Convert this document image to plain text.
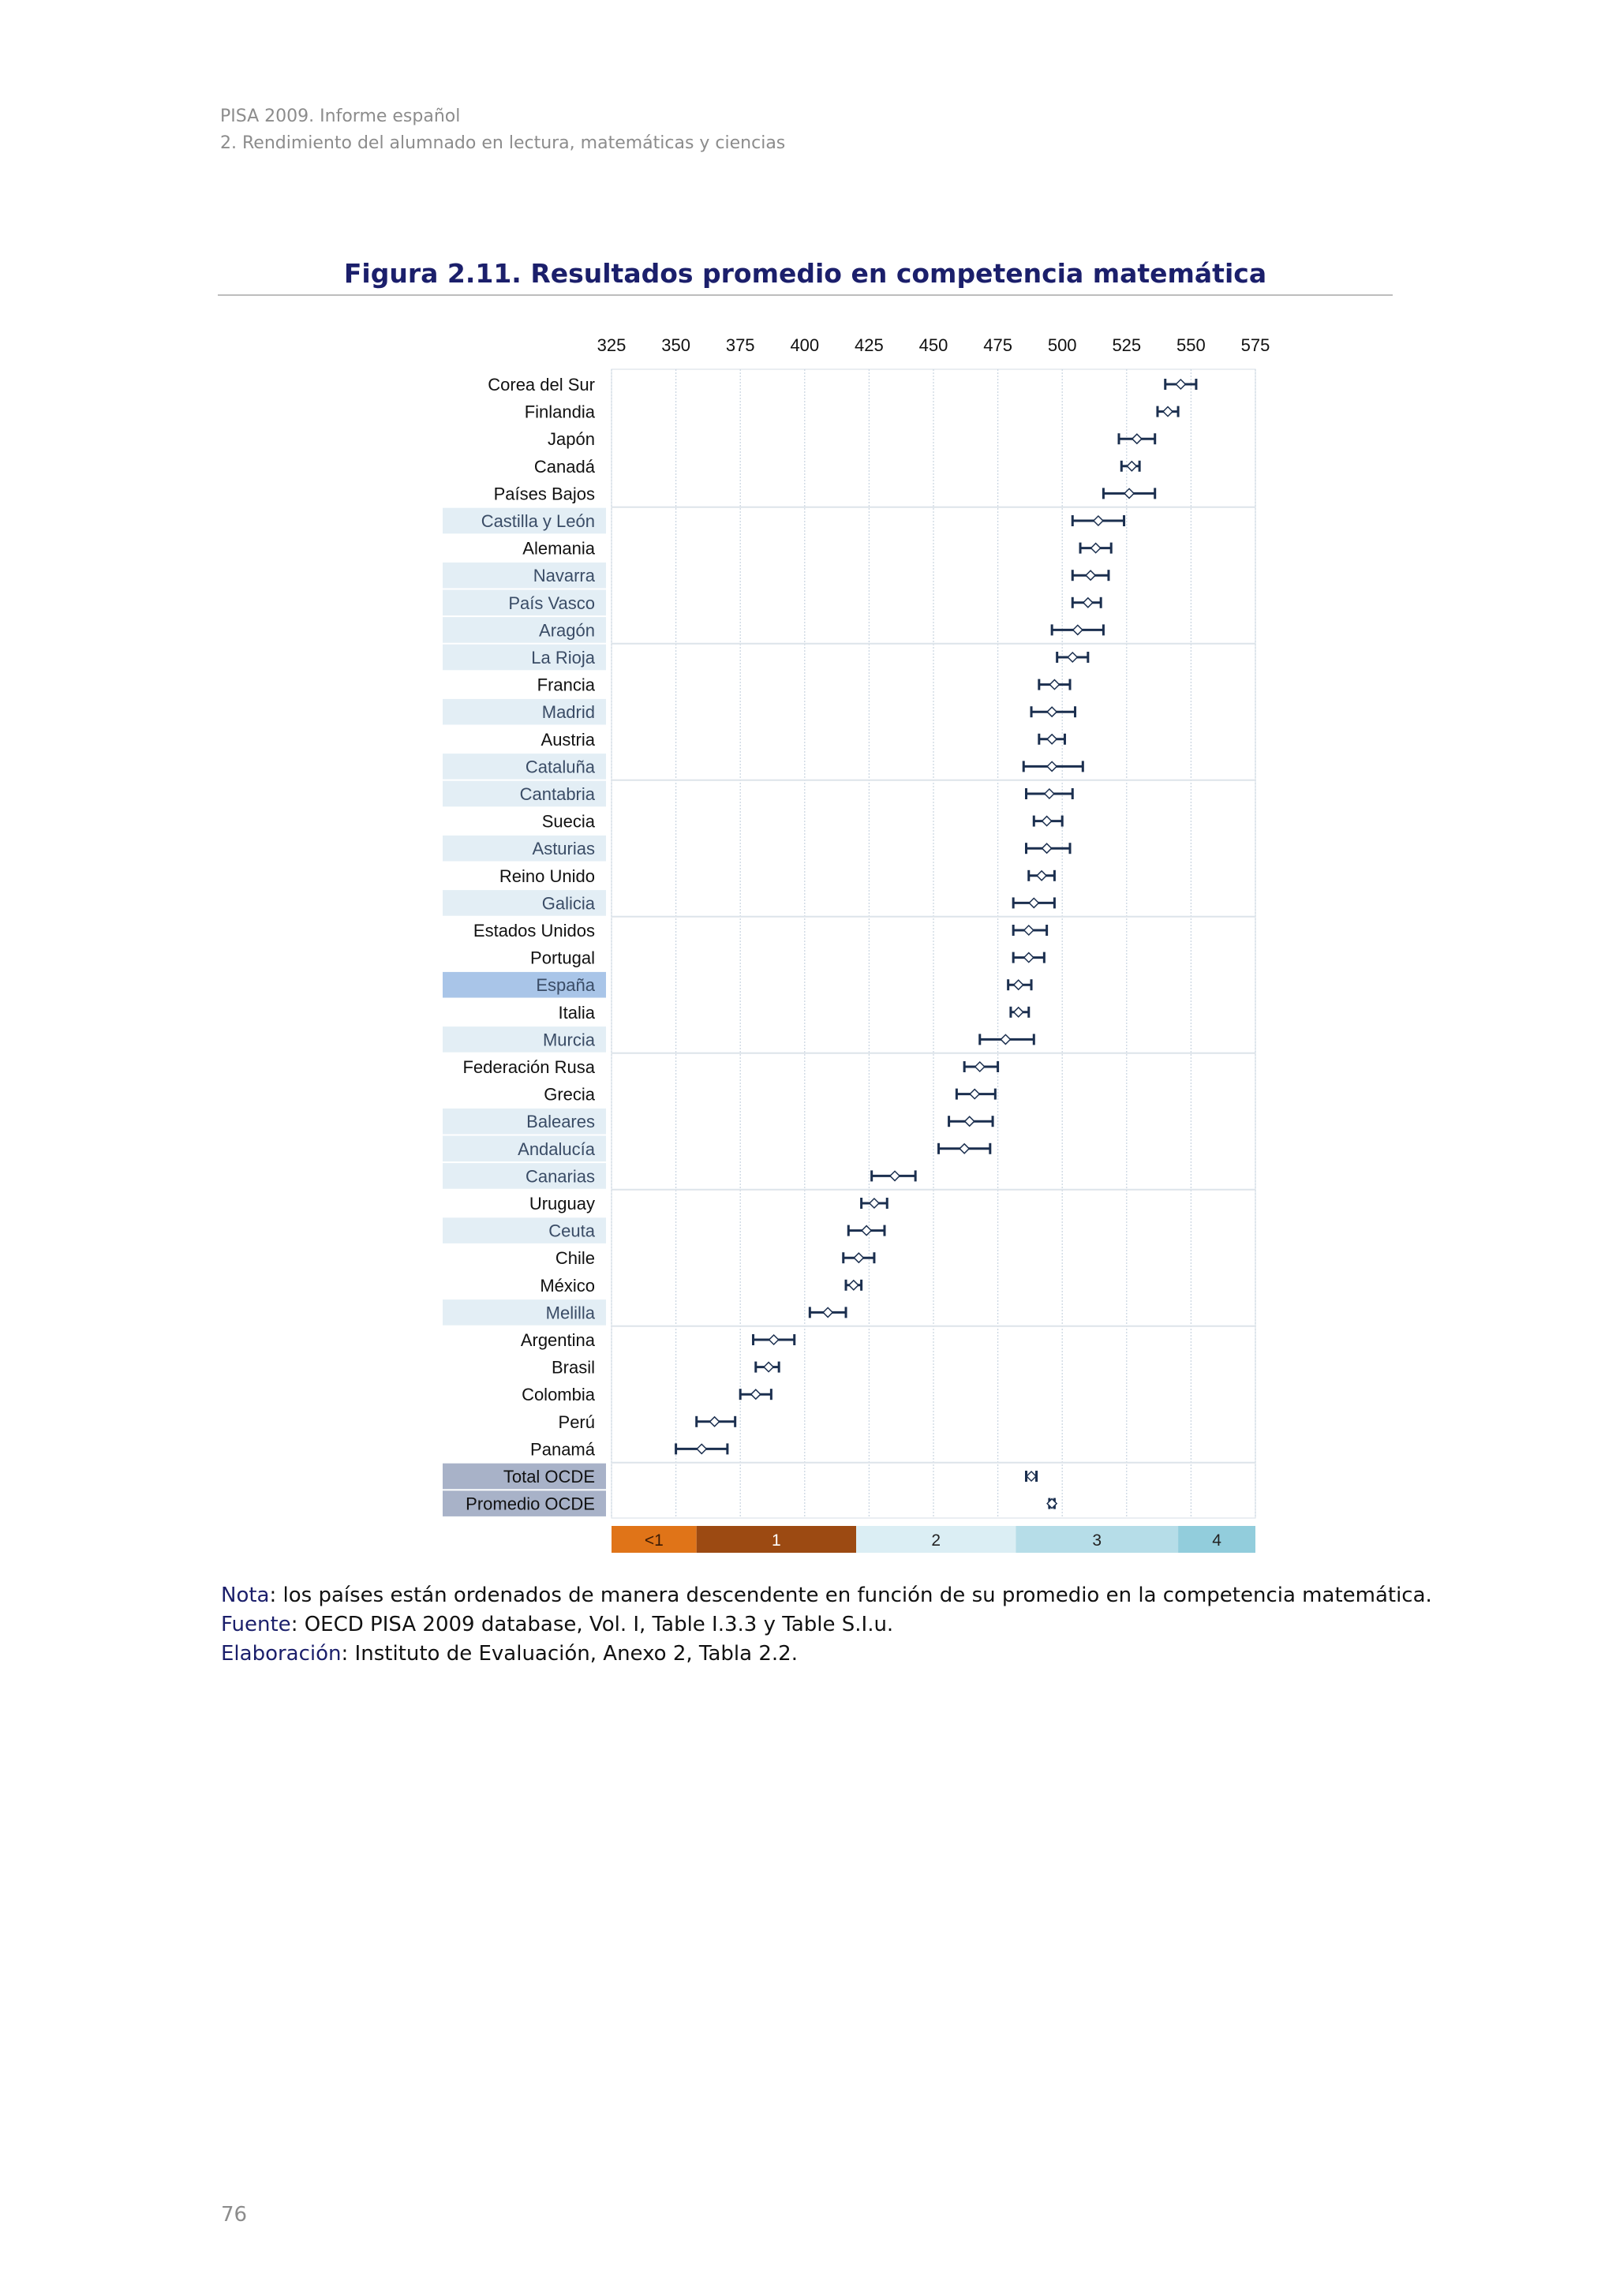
PISA 2009. Informe español
2. Rendimiento del alumnado en lectura, matemáticas y ciencias
Figura 2.11. Resultados promedio en competencia matemática
325 350 375 400 425 450 475 500 525 550 575
Corea del Sur
Finlandia
Japón
Canadá
Países Bajos
Castilla y León
Alemania
Navarra
País Vasco
Aragón
La Rioja
Francia
Madrid
Austria
Cataluña
Cantabria
Suecia
Asturias
Reino Unido
Galicia
Estados Unidos
Portugal
España
Italia
Murcia
Federación Rusa
Grecia
Baleares
Andalucía
Canarias
Uruguay
Ceuta
Chile
México
Melilla
Argentina
Brasil
Colombia
Perú
Panamá
Total OCDE
Promedio OCDE
<1	1	2	3	4
Nota: los países están ordenados de manera descendente en función de su promedio en la competencia matemática.
Fuente: OECD PISA 2009 database, Vol. I, Table I.3.3 y Table S.I.u.
Elaboración: Instituto de Evaluación, Anexo 2, Tabla 2.2.
76
